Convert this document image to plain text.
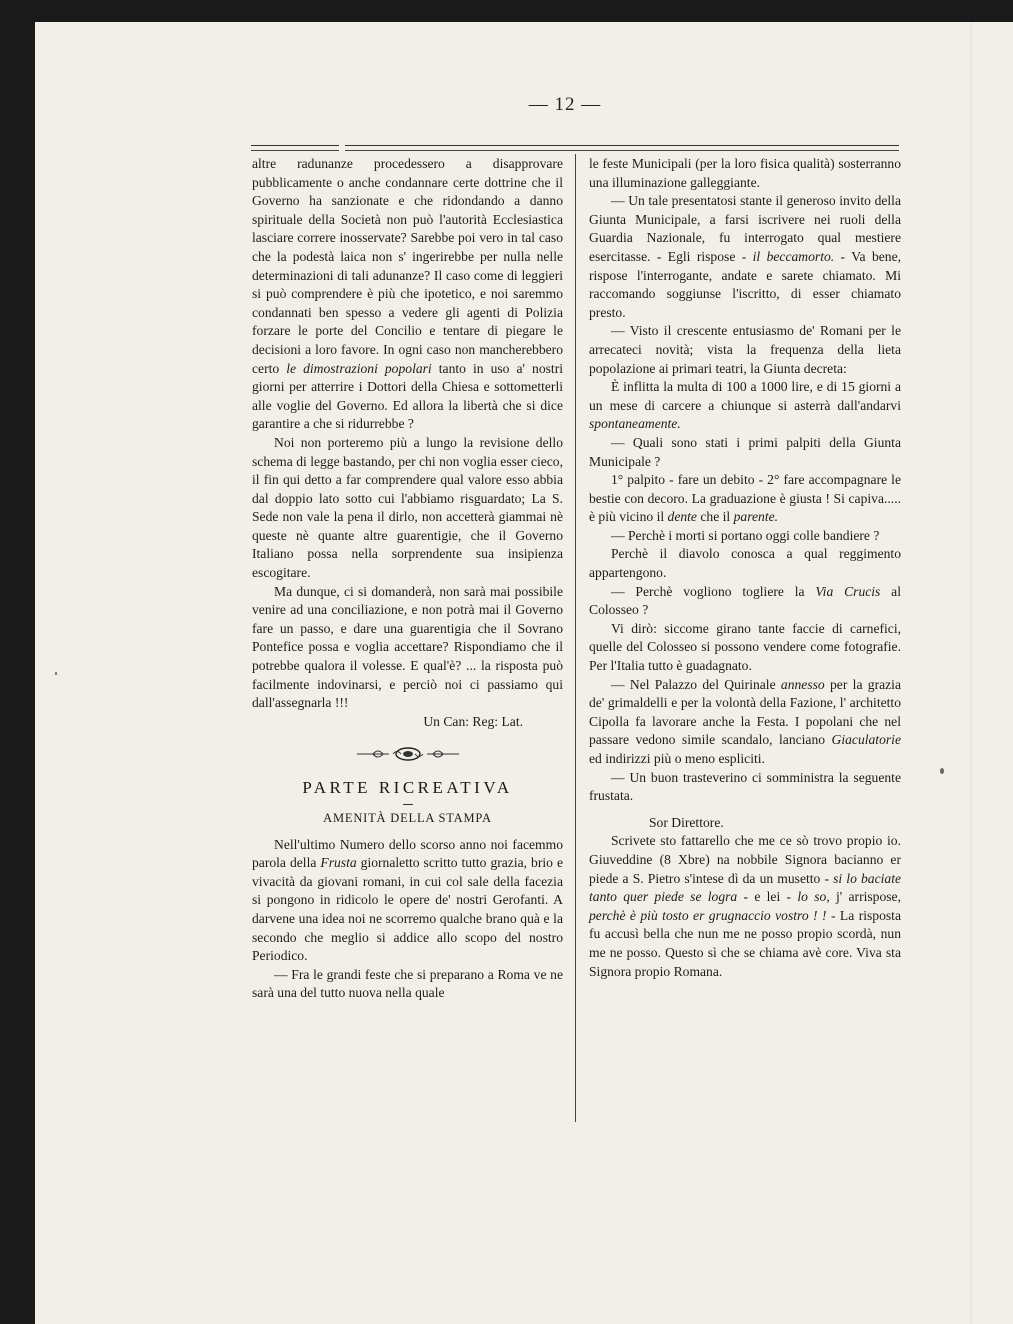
— 12 —

altre radunanze procedessero a disapprovare pubblicamente o anche condannare certe dottrine che il Governo ha sanzionate e che ridondando a danno spirituale della Società non può l'autorità Ecclesiastica lasciare correre inosservate? Sarebbe poi vero in tal caso che la podestà laica non s' ingerirebbe per nulla nelle determinazioni di tali adunanze? Il caso come di leggieri si può comprendere è più che ipotetico, e noi saremmo condannati ben spesso a vedere gli agenti di Polizia forzare le porte del Concilio e tentare di piegare le decisioni a loro favore. In ogni caso non mancherebbero certo le dimostrazioni popolari tanto in uso a' nostri giorni per atterrire i Dottori della Chiesa e sottometterli alle voglie del Governo. Ed allora la libertà che si dice garantire a che si ridurrebbe ?

Noi non porteremo più a lungo la revisione dello schema di legge bastando, per chi non voglia esser cieco, il fin qui detto a far comprendere qual valore esso abbia dal doppio lato sotto cui l'abbiamo risguardato; La S. Sede non vale la pena il dirlo, non accetterà giammai nè queste nè quante altre guarentigie, che il Governo Italiano possa nella sorprendente sua insipienza escogitare.

Ma dunque, ci si domanderà, non sarà mai possibile venire ad una conciliazione, e non potrà mai il Governo fare un passo, e dare una guarentigia che il Sovrano Pontefice possa e voglia accettare? Rispondiamo che il potrebbe qualora il volesse. E qual'è? ... la risposta può facilmente indovinarsi, e perciò noi ci passiamo qui dall'assegnarla !!!

Un Can: Reg: Lat.

PARTE RICREATIVA
AMENITÀ DELLA STAMPA

Nell'ultimo Numero dello scorso anno noi facemmo parola della Frusta giornaletto scritto tutto grazia, brio e vivacità da giovani romani, in cui col sale della facezia si pongono in ridicolo le opere de' nostri Gerofanti. A darvene una idea noi ne scorremo qualche brano quà e la secondo che meglio si addice allo scopo del nostro Periodico.

— Fra le grandi feste che si preparano a Roma ve ne sarà una del tutto nuova nella quale

le feste Municipali (per la loro fisica qualità) sosterranno una illuminazione galleggiante.

— Un tale presentatosi stante il generoso invito della Giunta Municipale, a farsi iscrivere nei ruoli della Guardia Nazionale, fu interrogato qual mestiere esercitasse. - Egli rispose - il beccamorto. - Va bene, rispose l'interrogante, andate e sarete chiamato. Mi raccomando soggiunse l'iscritto, di esser chiamato presto.

— Visto il crescente entusiasmo de' Romani per le arrecateci novità; vista la frequenza della lieta popolazione ai primari teatri, la Giunta decreta:

È inflitta la multa di 100 a 1000 lire, e di 15 giorni a un mese di carcere a chiunque si asterrà dall'andarvi spontaneamente.

— Quali sono stati i primi palpiti della Giunta Municipale ?

1° palpito - fare un debito - 2° fare accompagnare le bestie con decoro. La graduazione è giusta ! Si capiva..... è più vicino il dente che il parente.

— Perchè i morti si portano oggi colle bandiere ?

Perchè il diavolo conosca a qual reggimento appartengono.

— Perchè vogliono togliere la Via Crucis al Colosseo ?

Vi dirò: siccome girano tante faccie di carnefici, quelle del Colosseo si possono vendere come fotografie. Per l'Italia tutto è guadagnato.

— Nel Palazzo del Quirinale annesso per la grazia de' grimaldelli e per la volontà della Fazione, l' architetto Cipolla fa lavorare anche la Festa. I popolani che nel passare vedono simile scandalo, lanciano Giaculatorie ed indirizzi più o meno espliciti.

— Un buon trasteverino ci somministra la seguente frustata.

Sor Direttore.

Scrivete sto fattarello che me ce sò trovo propio io. Giuveddine (8 Xbre) na nobbile Signora bacianno er piede a S. Pietro s'intese dì da un musetto - si lo baciate tanto quer piede se logra - e lei - lo so, j' arrispose, perchè è più tosto er grugnaccio vostro ! ! - La risposta fu accusì bella che nun me ne posso propio scordà, nun me ne posso. Questo sì che se chiama avè core. Viva sta Signora propio Romana.
